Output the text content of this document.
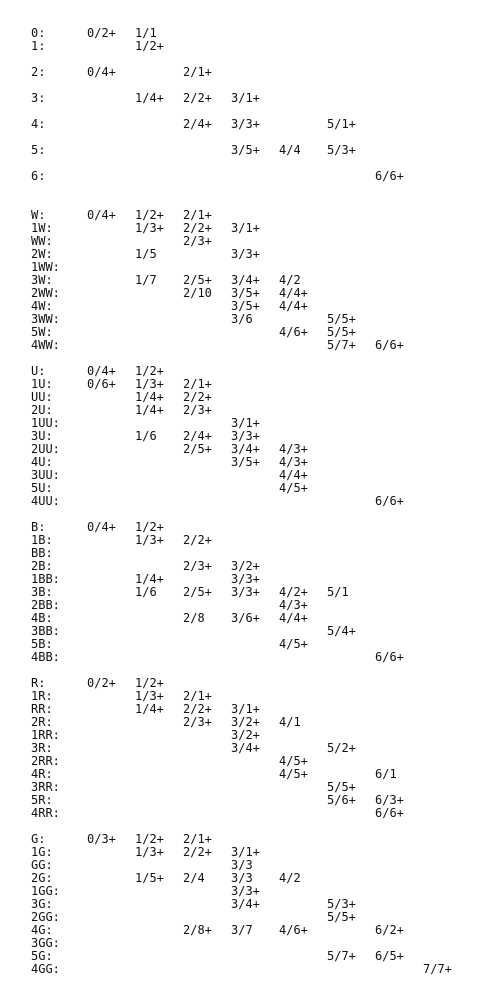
0:	0/2+ 1/1
1:	1/2+
2:	0/4+	2/1+
3:	1/4+ 2/2+ 3/1+
4:	2/4+ 3/3+	5/1+
5:	3/5+ 4/4 5/3+
6:	6/6+
W:	0/4+ 1/2+ 2/1+
1W:	1/3+ 2/2+ 3/1+
WW:	2/3+
2W:	1/5	3/3+
1WW:
3W:	1/7 2/5+ 3/4+ 4/2
2WW:	2/10 3/5+ 4/4+
4W:	3/5+ 4/4+
3WW:	3/6	5/5+
5W:	4/6+ 5/5+
4WW:	5/7+ 6/6+
U:	0/4+ 1/2+
1U:	0/6+ 1/3+ 2/1+
UU:	1/4+ 2/2+
2U:	1/4+ 2/3+
1UU:	3/1+
3U:	1/6 2/4+ 3/3+
2UU:	2/5+ 3/4+ 4/3+
4U:	3/5+ 4/3+
3UU:	4/4+
5U:	4/5+
4UU:	6/6+
B:	0/4+ 1/2+
1B:	1/3+ 2/2+
BB:
2B:	2/3+ 3/2+
1BB:	1/4+	3/3+
3B:	1/6 2/5+ 3/3+ 4/2+ 5/1
2BB:	4/3+
4B:	2/8 3/6+ 4/4+
3BB:	5/4+
5B:	4/5+
4BB:	6/6+
R:	0/2+ 1/2+
1R:	1/3+ 2/1+
RR:	1/4+ 2/2+ 3/1+
2R:	2/3+ 3/2+ 4/1
1RR:	3/2+
3R:	3/4+	5/2+
2RR:	4/5+
4R:	4/5+	6/1
3RR:	5/5+
5R:	5/6+ 6/3+
4RR:	6/6+
G:	0/3+ 1/2+ 2/1+
1G:	1/3+ 2/2+ 3/1+
GG:	3/3
2G:	1/5+ 2/4 3/3 4/2
1GG:	3/3+
3G:	3/4+	5/3+
2GG:	5/5+
4G:	2/8+ 3/7 4/6+	6/2+
3GG:
5G:	5/7+ 6/5+
4GG:	7/7+
